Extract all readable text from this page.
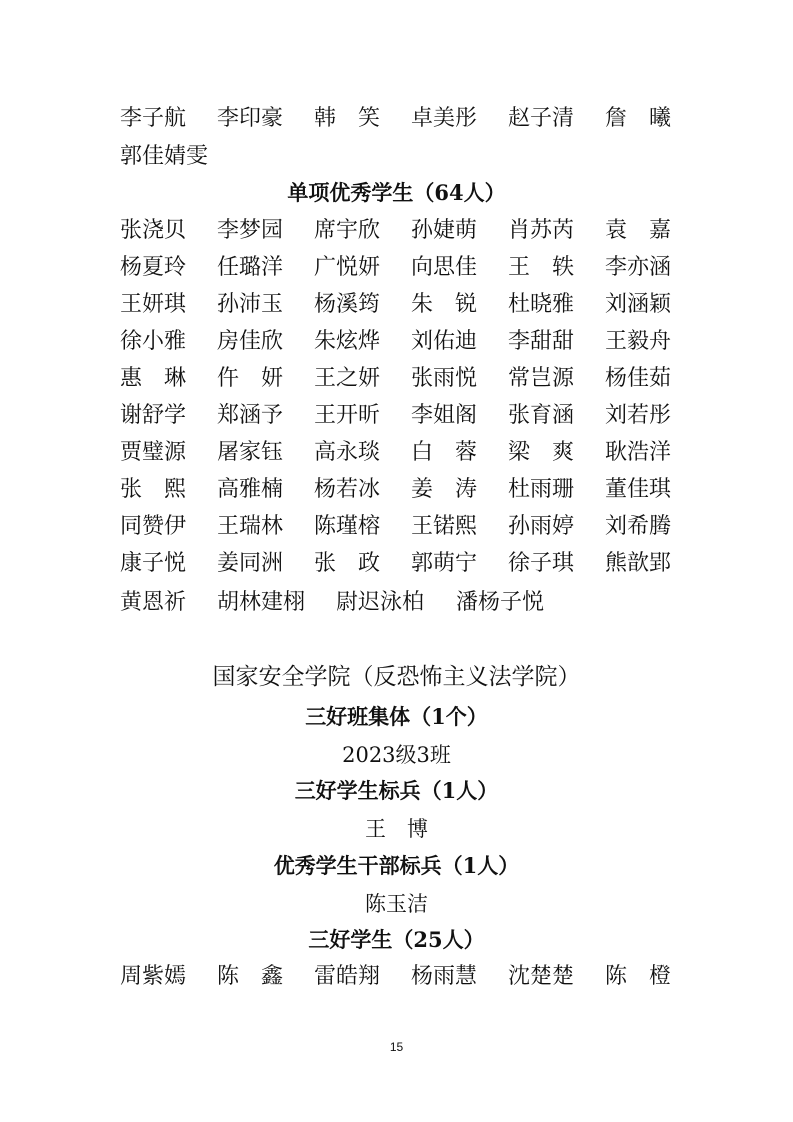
李子航 李印豪 韩　笑 卓美彤 赵子清 詹　曦
郭佳婧雯
单项优秀学生（64人）
张浇贝 李梦园 席宇欣 孙婕萌 肖苏芮 袁　嘉
杨夏玲 任璐洋 广悦妍 向思佳 王　轶 李亦涵
王妍琪 孙沛玉 杨溪筠 朱　锐 杜晓雅 刘涵颖
徐小雅 房佳欣 朱炫烨 刘佑迪 李甜甜 王毅舟
惠　琳 仵　妍 王之妍 张雨悦 常岂源 杨佳茹
谢舒学 郑涵予 王开昕 李姐阁 张育涵 刘若彤
贾璧源 屠家钰 高永琰 白　蓉 梁　爽 耿浩洋
张　熙 高雅楠 杨若冰 姜　涛 杜雨珊 董佳琪
同赞伊 王瑞林 陈瑾榕 王锘熙 孙雨婷 刘希腾
康子悦 姜同洲 张　政 郭萌宁 徐子琪 熊歆郢
黄恩祈 胡林建栩 尉迟泳柏 潘杨子悦
国家安全学院（反恐怖主义法学院）
三好班集体（1个）
2023级3班
三好学生标兵（1人）
王　博
优秀学生干部标兵（1人）
陈玉洁
三好学生（25人）
周紫嫣 陈　鑫 雷皓翔 杨雨慧 沈楚楚 陈　橙
15
